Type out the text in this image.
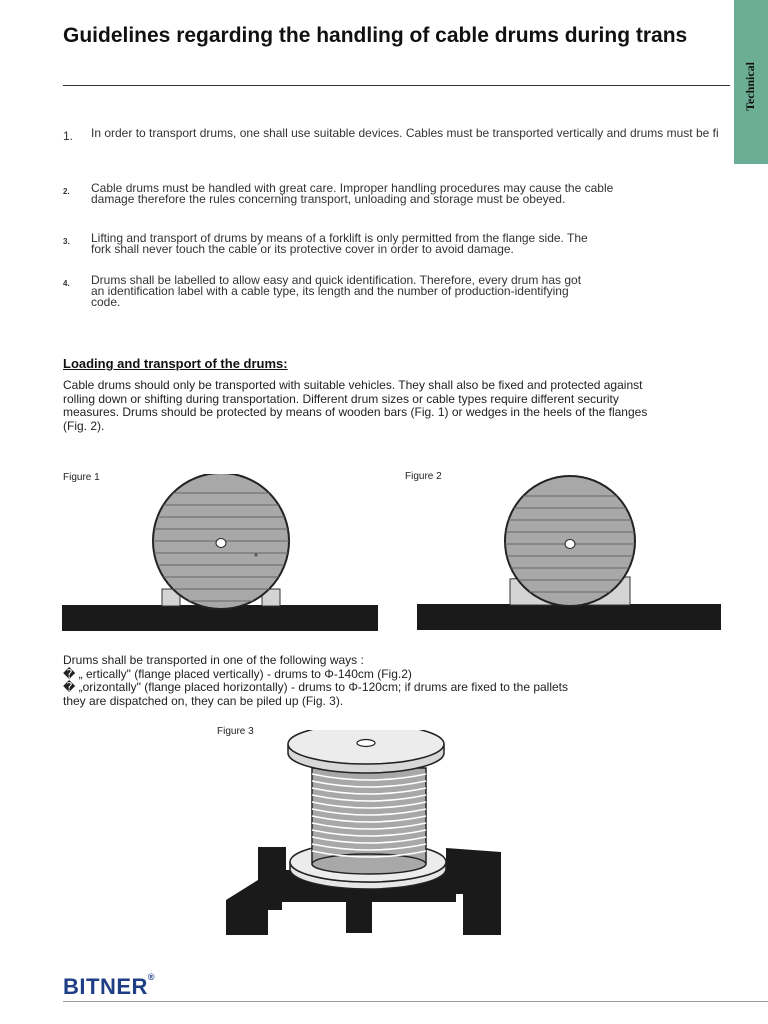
Guidelines regarding the handling of cable drums during trans
Technical
1. In order to transport drums, one shall use suitable devices. Cables must be transported vertically and drums must be fi
2. Cable drums must be handled with great care. Improper handling procedures may cause the cable
damage therefore the rules concerning transport, unloading and storage must be obeyed.
3. Lifting and transport of drums by means of a forklift is only permitted from the flange side. The
fork shall never touch the cable or its protective cover in order to avoid damage.
4. Drums shall be labelled to allow easy and quick identification. Therefore, every drum has got
an identification label with a cable type, its length and the number of production-identifying
code.
Loading and transport of the drums:
Cable drums should only be transported with suitable vehicles. They shall also be fixed and protected against rolling down or shifting during transportation. Different drum sizes or cable types require different security measures. Drums should be protected by means of wooden bars (Fig. 1) or wedges in the heels of the flanges (Fig. 2).
Figure 1	Figure 2
Figure 3
Drums shall be transported in one of the following ways :
� „ ertically" (flange placed vertically) - drums to Φ-140cm (Fig.2)
� „orizontally" (flange placed horizontally) - drums to Φ-120cm; if drums are fixed to the pallets
they are dispatched on, they can be piled up (Fig. 3).
BITNER®
